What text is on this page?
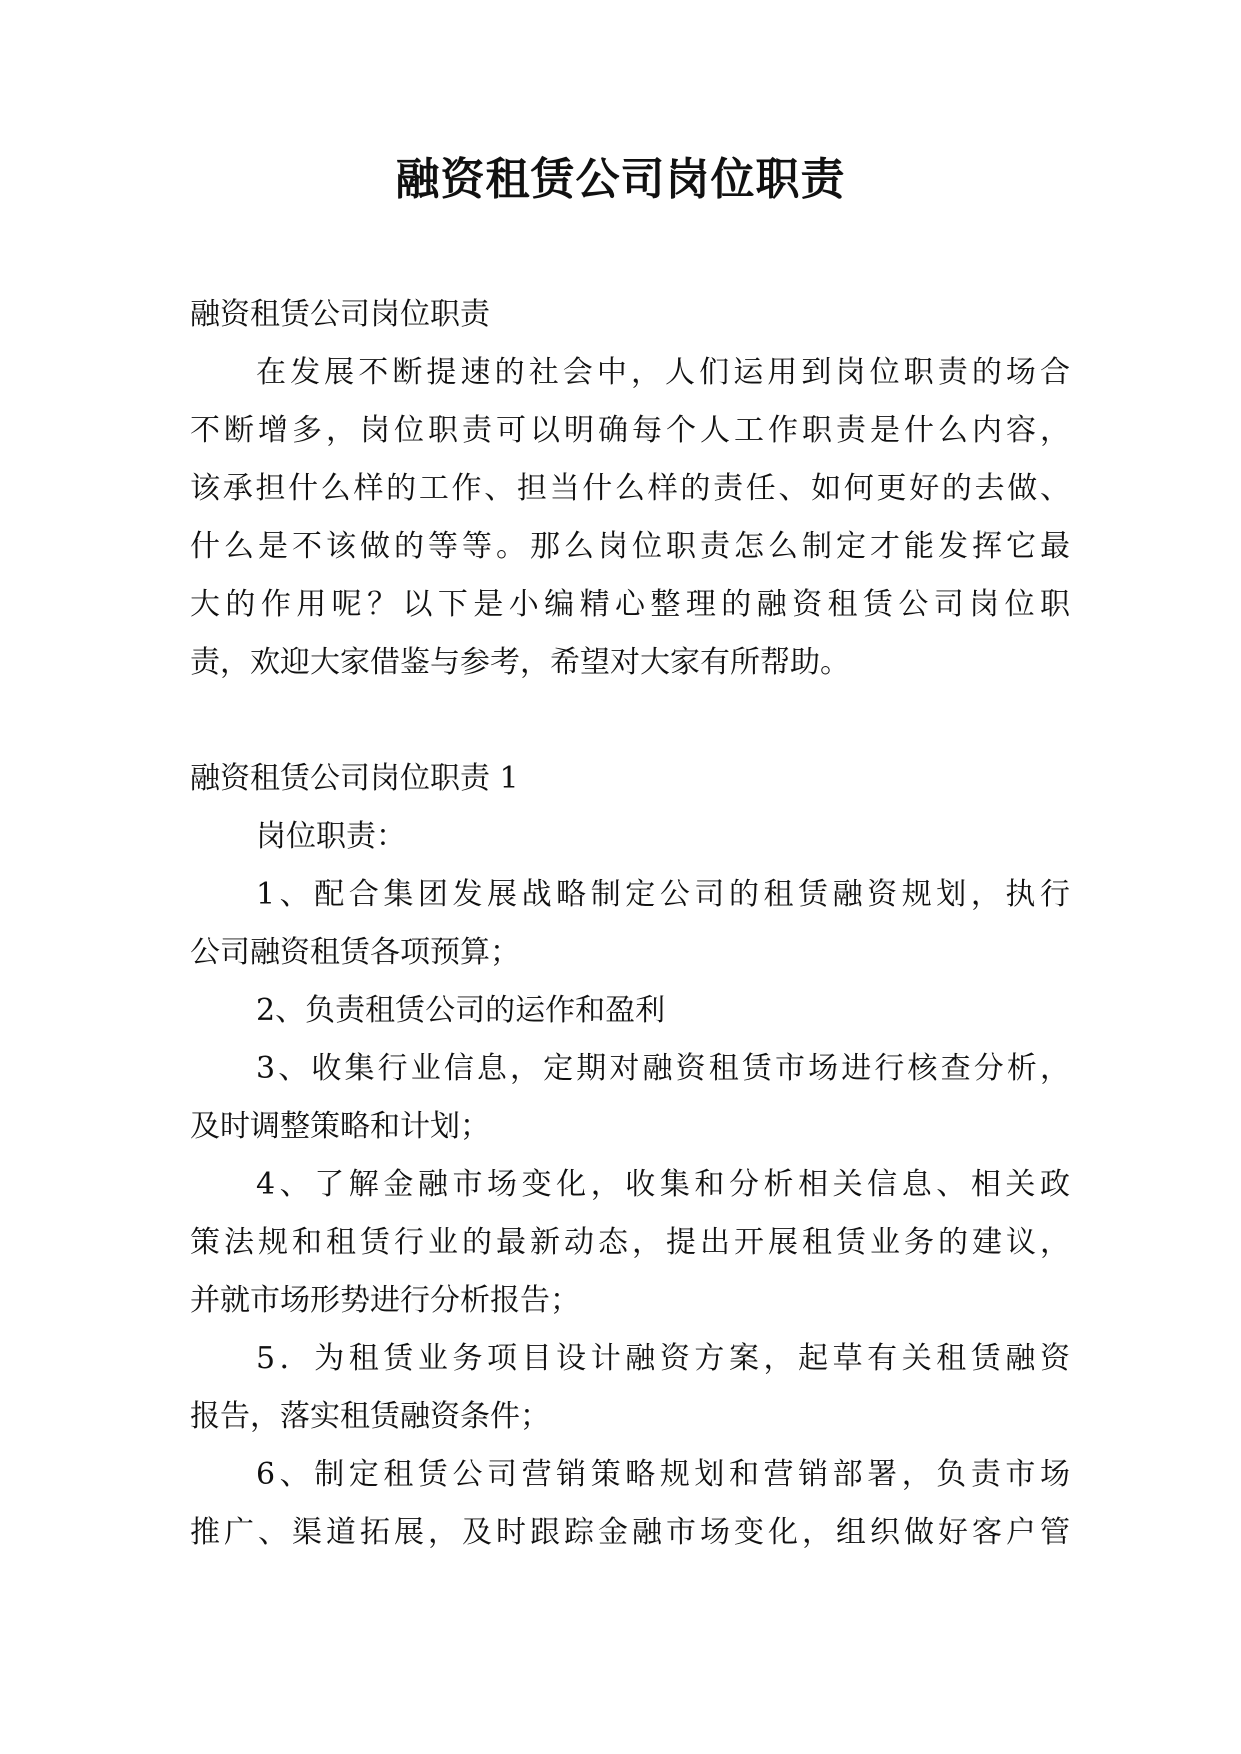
融资租赁公司岗位职责
融资租赁公司岗位职责
在发展不断提速的社会中，人们运用到岗位职责的场合
不断增多，岗位职责可以明确每个人工作职责是什么内容，
该承担什么样的工作、担当什么样的责任、如何更好的去做、
什么是不该做的等等。那么岗位职责怎么制定才能发挥它最
大的作用呢？以下是小编精心整理的融资租赁公司岗位职
责，欢迎大家借鉴与参考，希望对大家有所帮助。
融资租赁公司岗位职责 1
岗位职责：
1、配合集团发展战略制定公司的租赁融资规划，执行
公司融资租赁各项预算；
2、负责租赁公司的运作和盈利
3、收集行业信息，定期对融资租赁市场进行核查分析，
及时调整策略和计划；
4、了解金融市场变化，收集和分析相关信息、相关政
策法规和租赁行业的最新动态，提出开展租赁业务的建议，
并就市场形势进行分析报告；
5．为租赁业务项目设计融资方案，起草有关租赁融资
报告，落实租赁融资条件；
6、制定租赁公司营销策略规划和营销部署，负责市场
推广、渠道拓展，及时跟踪金融市场变化，组织做好客户管
